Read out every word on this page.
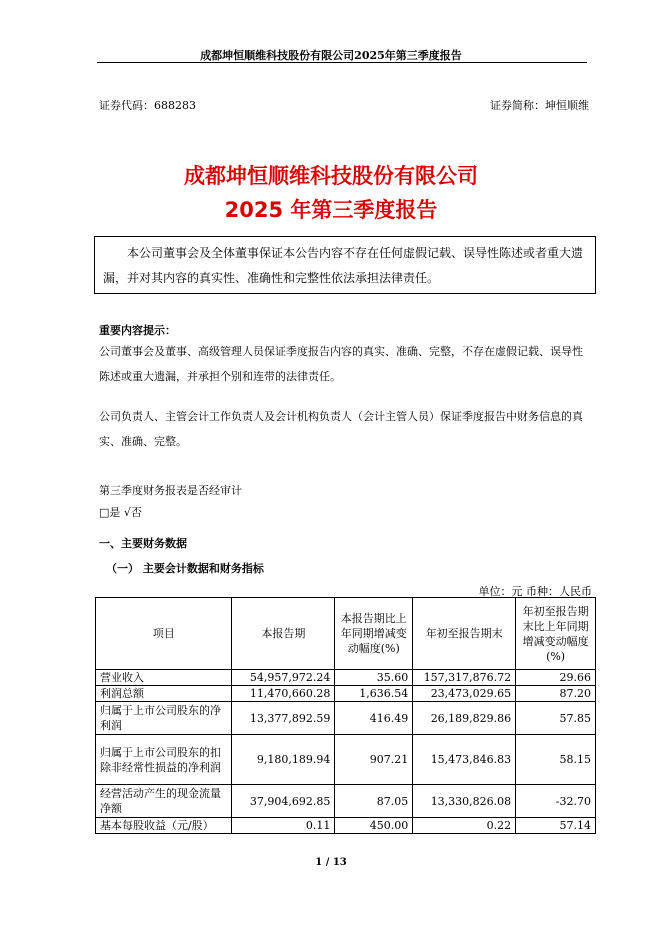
成都坤恒顺维科技股份有限公司2025年第三季度报告
证券代码：688283	证券简称：坤恒顺维
成都坤恒顺维科技股份有限公司
2025 年第三季度报告
本公司董事会及全体董事保证本公告内容不存在任何虚假记载、误导性陈述或者重大遗漏，并对其内容的真实性、准确性和完整性依法承担法律责任。
重要内容提示：
公司董事会及董事、高级管理人员保证季度报告内容的真实、准确、完整，不存在虚假记载、误导性陈述或重大遗漏，并承担个别和连带的法律责任。
公司负责人、主管会计工作负责人及会计机构负责人（会计主管人员）保证季度报告中财务信息的真实、准确、完整。
第三季度财务报表是否经审计
□是 √否
一、主要财务数据
（一） 主要会计数据和财务指标
单位：元 币种：人民币
项目	本报告期	本报告期比上年同期增减变动幅度(%)	年初至报告期末	年初至报告期末比上年同期增减变动幅度(%)
营业收入	54,957,972.24	35.60	157,317,876.72	29.66
利润总额	11,470,660.28	1,636.54	23,473,029.65	87.20
归属于上市公司股东的净利润	13,377,892.59	416.49	26,189,829.86	57.85
归属于上市公司股东的扣除非经常性损益的净利润	9,180,189.94	907.21	15,473,846.83	58.15
经营活动产生的现金流量净额	37,904,692.85	87.05	13,330,826.08	-32.70
基本每股收益（元/股）	0.11	450.00	0.22	57.14
1 / 13
